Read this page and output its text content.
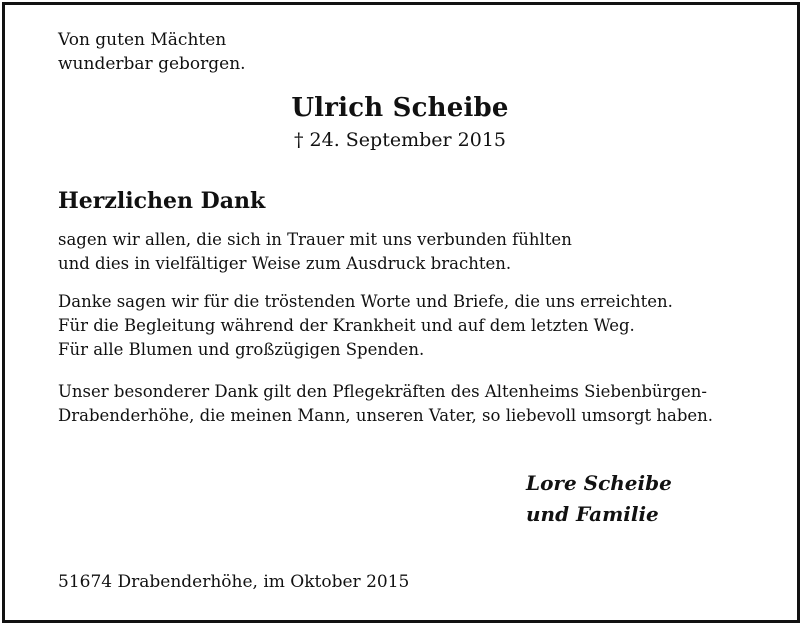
Von guten Mächten
wunderbar geborgen.
Ulrich Scheibe
† 24. September 2015
Herzlichen Dank
sagen wir allen, die sich in Trauer mit uns verbunden fühlten
und dies in vielfältiger Weise zum Ausdruck brachten.
Danke sagen wir für die tröstenden Worte und Briefe, die uns erreichten.
Für die Begleitung während der Krankheit und auf dem letzten Weg.
Für alle Blumen und großzügigen Spenden.
Unser besonderer Dank gilt den Pflegekräften des Altenheims Siebenbürgen-
Drabenderhöhe, die meinen Mann, unseren Vater, so liebevoll umsorgt haben.
Lore Scheibe
und Familie
51674 Drabenderhöhe, im Oktober 2015
